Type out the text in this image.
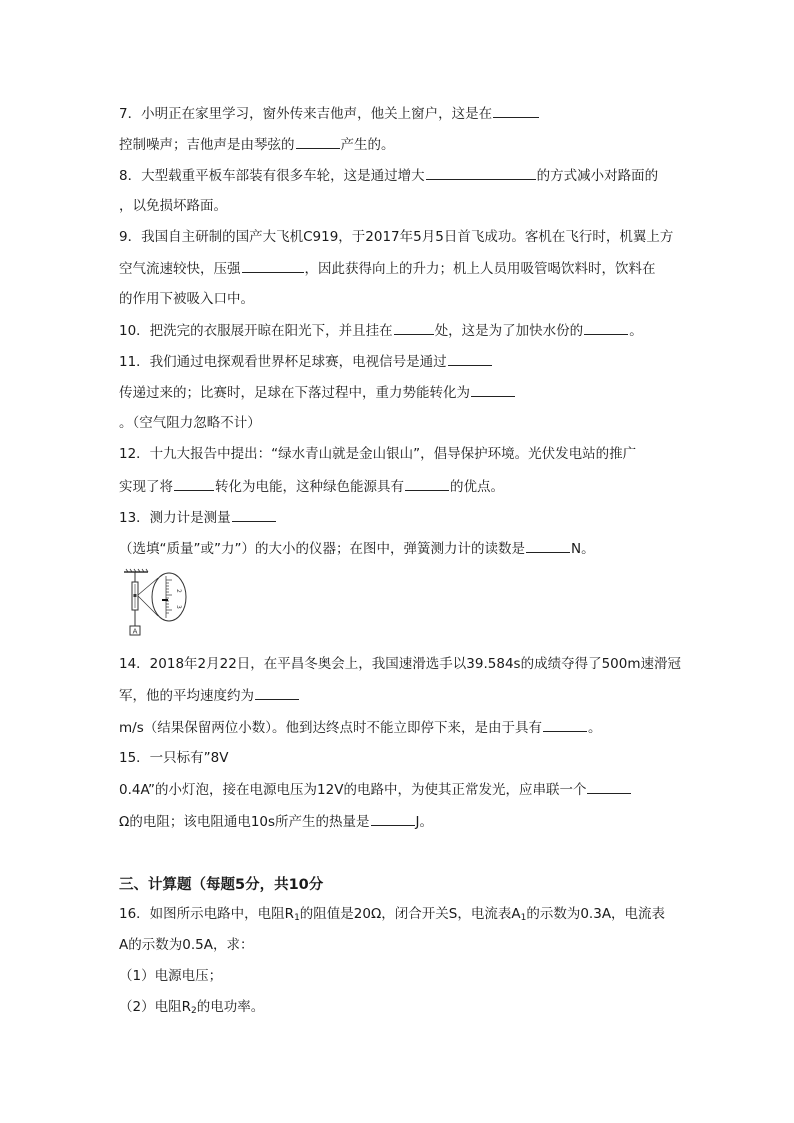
7．小明正在家里学习，窗外传来吉他声，他关上窗户，这是在
控制噪声；吉他声是由琴弦的	产生的。
8．大型载重平板车部装有很多车轮，这是通过增大	的方式减小对路面的
，以免损坏路面。
9．我国自主研制的国产大飞机C919，于2017年5月5日首飞成功。客机在飞行时，机翼上方
空气流速较快，压强	，因此获得向上的升力；机上人员用吸管喝饮料时，饮料在
的作用下被吸入口中。
10．把洗完的衣服展开晾在阳光下，并且挂在	处，这是为了加快水份的	。
11．我们通过电探观看世界杯足球赛，电视信号是通过
传递过来的；比赛时，足球在下落过程中，重力势能转化为
。（空气阻力忽略不计）
12．十九大报告中提出：“绿水青山就是金山银山”，倡导保护环境。光伏发电站的推广
实现了将	转化为电能，这种绿色能源具有	的优点。
13．测力计是测量
（选填“质量”或”力”）的大小的仪器；在图中，弹簧测力计的读数是	N。
A
2
3
14．2018年2月22日，在平昌冬奥会上，我国速滑选手以39.584s的成绩夺得了500m速滑冠
军，他的平均速度约为
m/s（结果保留两位小数）。他到达终点时不能立即停下来，是由于具有	。
15．一只标有”8V
0.4A”的小灯泡，接在电源电压为12V的电路中，为使其正常发光，应串联一个
Ω的电阻；该电阻通电10s所产生的热量是	J。
三、计算题（每题5分，共10分
16．如图所示电路中，电阻$R_1$的阻值是20Ω，闭合开关S，电流表$A_1$的示数为0.3A，电流表
A的示数为0.5A，求：
（1）电源电压；
（2）电阻$R_2$的电功率。
